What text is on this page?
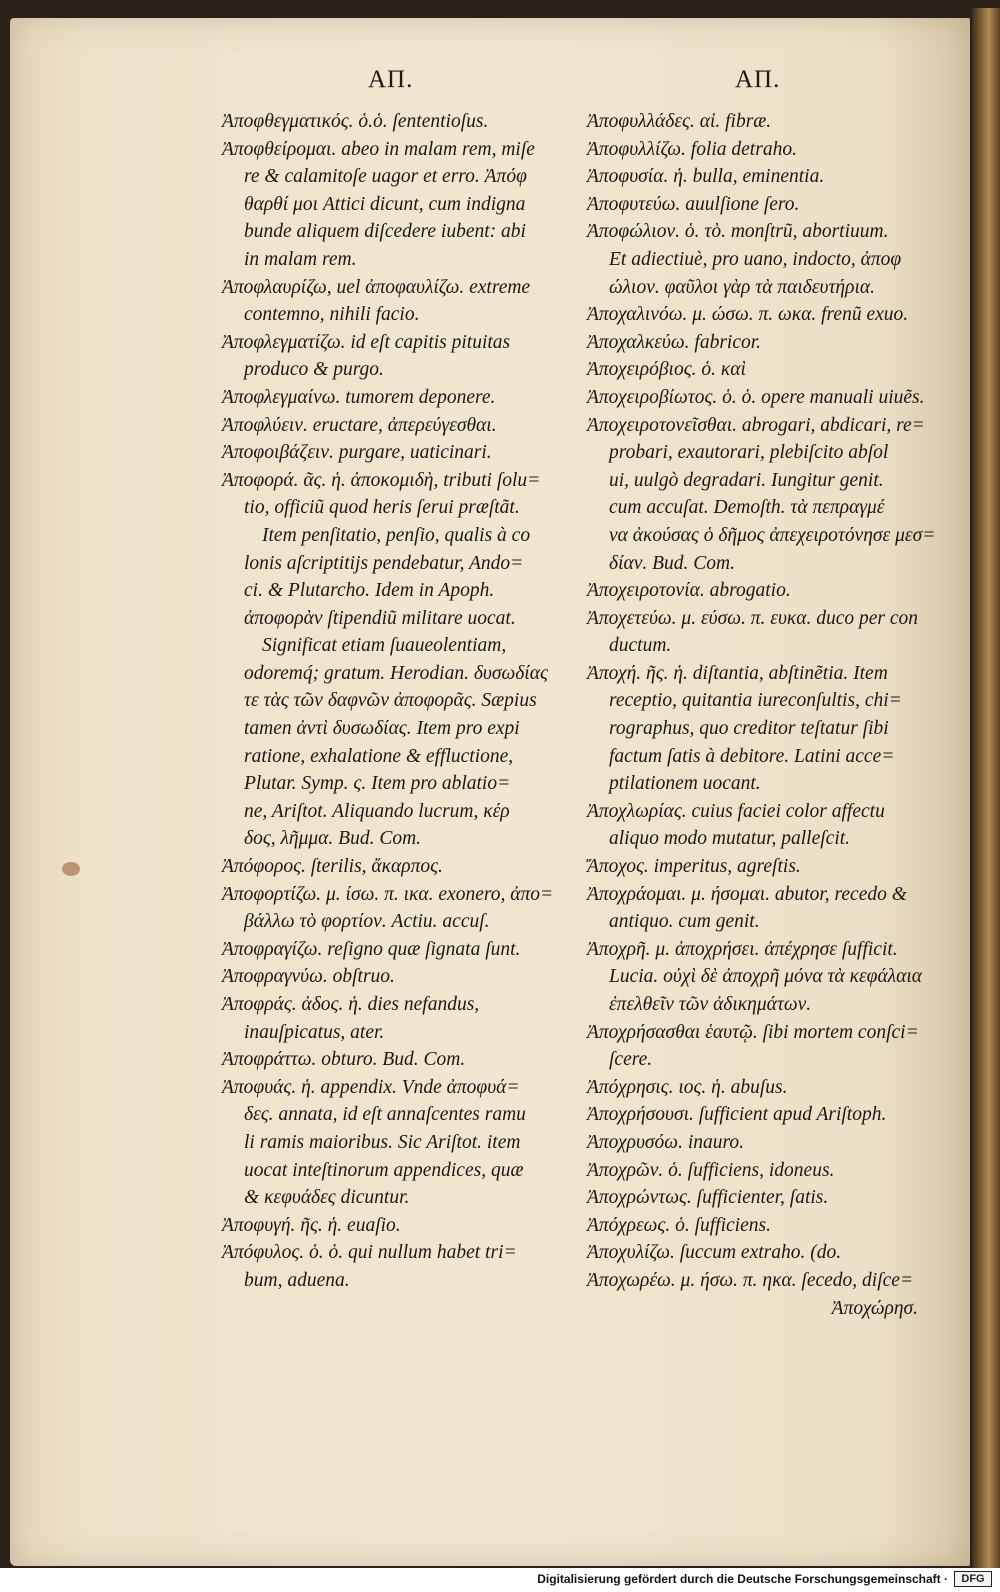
ΑΠ.	ΑΠ.
Ἀποφθεγματικός. ὁ.ὁ. ſententioſus.
Ἀποφθείρομαι. abeo in malam rem, miſe
re & calamitoſe uagor et erro. Ἀπόφ
θαρθί μοι Attici dicunt, cum indigna
bunde aliquem diſcedere iubent: abi
in malam rem.
Ἀποφλαυρίζω, uel ἀποφαυλίζω. extreme
contemno, nihili facio.
Ἀποφλεγματίζω. id eſt capitis pituitas
produco & purgo.
Ἀποφλεγμαίνω. tumorem deponere.
Ἀποφλύειν. eructare, ἀπερεύγεσθαι.
Ἀποφοιβάζειν. purgare, uaticinari.
Ἀποφορά. ᾶς. ἡ. ἀποκομιδὴ, tributi ſolu=
tio, officiũ quod heris ſerui præſtãt.
Item penſitatio, penſio, qualis à co
lonis aſcriptitijs pendebatur, Ando=
ci. & Plutarcho. Idem in Apoph.
ἀποφορὰν ſtipendiũ militare uocat.
Significat etiam ſuaueolentiam,
odoremq́; gratum. Herodian. δυσωδίας
τε τὰς τῶν δαφνῶν ἀποφορᾶς. Sæpius
tamen ἀντὶ δυσωδίας. Item pro expi
ratione, exhalatione & effluctione,
Plutar. Symp. ς. Item pro ablatio=
ne, Ariſtot. Aliquando lucrum, κέρ
δος, λῆμμα. Bud. Com.
Ἀπόφορος. ſterilis, ἄκαρπος.
Ἀποφορτίζω. μ. ίσω. π. ικα. exonero, ἀπο=
βάλλω τὸ φορτίον. Actiu. accuſ.
Ἀποφραγίζω. reſigno quæ ſignata ſunt.
Ἀποφραγνύω. obſtruo.
Ἀποφράς. ἀδος. ἡ. dies nefandus,
inauſpicatus, ater.
Ἀποφράττω. obturo. Bud. Com.
Ἀποφυάς. ἡ. appendix. Vnde ἀποφυά=
δες. annata, id eſt annaſcentes ramu
li ramis maioribus. Sic Ariſtot. item
uocat inteſtinorum appendices, quæ
& κεφυάδες dicuntur.
Ἀποφυγή. ῆς. ἡ. euaſio.
Ἀπόφυλος. ὁ. ὁ. qui nullum habet tri=
bum, aduena.
Ἀποφυλλάδες. αἱ. fibræ.
Ἀποφυλλίζω. folia detraho.
Ἀποφυσία. ἡ. bulla, eminentia.
Ἀποφυτεύω. auulſione ſero.
Ἀποφώλιον. ὁ. τὸ. monſtrũ, abortiuum.
Et adiectiuè, pro uano, indocto, ἀποφ
ώλιον. φαῦλοι γὰρ τὰ παιδευτήρια.
Ἀποχαλινόω. μ. ώσω. π. ωκα. frenũ exuo.
Ἀποχαλκεύω. fabricor.
Ἀποχειρόβιος. ὁ. καὶ
Ἀποχειροβίωτος. ὁ. ὁ. opere manuali uiuẽs.
Ἀποχειροτονεῖσθαι. abrogari, abdicari, re=
probari, exautorari, plebiſcito abſol
ui, uulgò degradari. Iungitur genit.
cum accuſat. Demoſth. τὰ πεπραγμέ
να ἀκούσας ὁ δῆμος ἀπεχειροτόνησε μεσ=
δίαν. Bud. Com.
Ἀποχειροτονία. abrogatio.
Ἀποχετεύω. μ. εύσω. π. ευκα. duco per con
ductum.
Ἀποχή. ῆς. ἡ. diſtantia, abſtinẽtia. Item
receptio, quitantia iureconſultis, chi=
rographus, quo creditor teſtatur ſibi
factum ſatis à debitore. Latini acce=
ptilationem uocant.
Ἀποχλωρίας. cuius faciei color affectu
aliquo modo mutatur, palleſcit.
Ἄποχος. imperitus, agreſtis.
Ἀποχράομαι. μ. ήσομαι. abutor, recedo &
antiquo. cum genit.
Ἀποχρῆ. μ. ἀποχρήσει. ἀπέχρησε ſufficit.
Lucia. οὐχὶ δὲ ἀποχρῆ μόνα τὰ κεφάλαια
ἐπελθεῖν τῶν ἀδικημάτων.
Ἀποχρήσασθαι ἑαυτῷ. ſibi mortem conſci=
ſcere.
Ἀπόχρησις. ιος. ἡ. abuſus.
Ἀποχρήσουσι. ſufficient apud Ariſtoph.
Ἀποχρυσόω. inauro.
Ἀποχρῶν. ὁ. ſufficiens, idoneus.
Ἀποχρώντως. ſufficienter, ſatis.
Ἀπόχρεως. ὁ. ſufficiens.
Ἀποχυλίζω. ſuccum extraho. (do.
Ἀποχωρέω. μ. ήσω. π. ηκα. ſecedo, diſce=
Ἀποχώρησ.
Digitalisierung gefördert durch die Deutsche Forschungsgemeinschaft ·	DFG
